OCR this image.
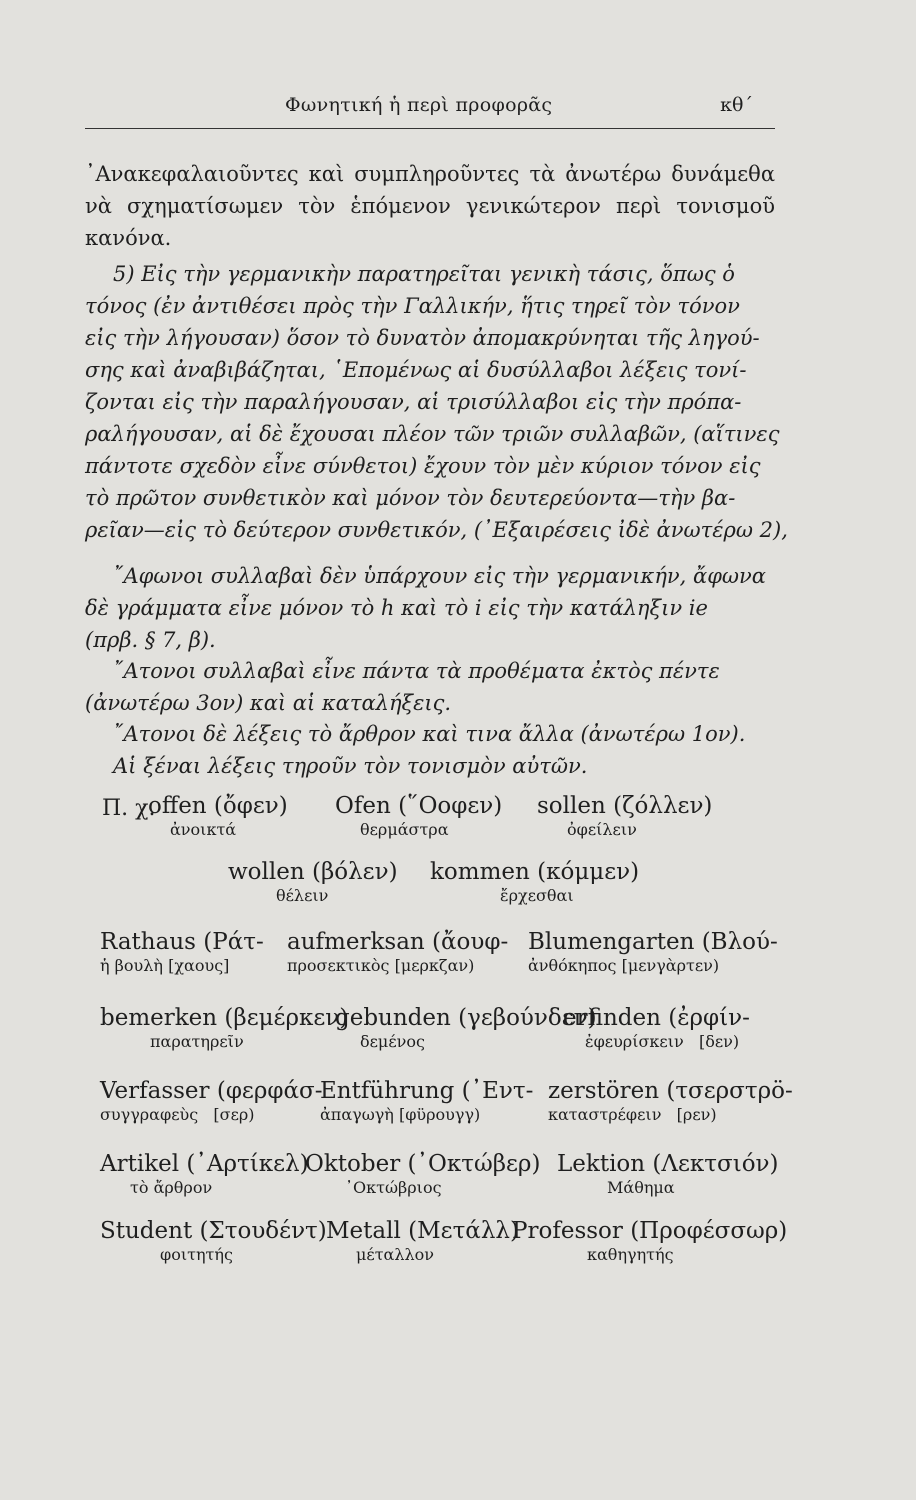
Φωνητική ἡ περὶ προφορᾶς	κθ΄
᾿Ανακεφαλαιοῦντες καὶ συμπληροῦντες τὰ ἀνωτέρω δυνάμεθα
νὰ σχηματίσωμεν τὸν ἑπόμενον γενικώτερον περὶ τονισμοῦ
κανόνα.
5) Εἰς τὴν γερμανικὴν παρατηρεῖται γενικὴ τάσις, ὅπως ὁ
τόνος (ἐν ἀντιθέσει πρὸς τὴν Γαλλικήν, ἥτις τηρεῖ τὸν τόνον
εἰς τὴν λήγουσαν) ὅσον τὸ δυνατὸν ἀπομακρύνηται τῆς ληγού-
σης καὶ ἀναβιβάζηται, ῾Επομένως αἱ δυσύλλαβοι λέξεις τονί-
ζονται εἰς τὴν παραλήγουσαν, αἱ τρισύλλαβοι εἰς τὴν πρόπα-
ραλήγουσαν, αἱ δὲ ἔχουσαι πλέον τῶν τριῶν συλλαβῶν, (αἵτινες
πάντοτε σχεδὸν εἶνε σύνθετοι) ἔχουν τὸν μὲν κύριον τόνον εἰς
τὸ πρῶτον συνθετικὸν καὶ μόνον τὸν δευτερεύοντα—τὴν βα-
ρεῖαν—εἰς τὸ δεύτερον συνθετικόν, (᾿Εξαιρέσεις ἰδὲ ἀνωτέρω 2),
῎Αφωνοι συλλαβαὶ δὲν ὑπάρχουν εἰς τὴν γερμανικήν, ἄφωνα
δὲ γράμματα εἶνε μόνον τὸ h καὶ τὸ i εἰς τὴν κατάληξιν ie
(πρβ. § 7, β).
῎Ατονοι συλλαβαὶ εἶνε πάντα τὰ προθέματα ἐκτὸς πέντε
(ἀνωτέρω 3ον) καὶ αἱ καταλήξεις.
῎Ατονοι δὲ λέξεις τὸ ἄρθρον καὶ τινα ἄλλα (ἀνωτέρω 1ον).
Αἱ ξέναι λέξεις τηροῦν τὸν τονισμὸν αὐτῶν.
Π. χ.
offen (ὄφεν)
ἀνοικτά
Ofen (῞Οοφεν)
θερμάστρα
sollen (ζόλλεν)
ὀφείλειν
wollen (βόλεν)
θέλειν
kommen (κόμμεν)
ἔρχεσθαι
Rathaus (Ράτ-
ἡ βουλὴ [χαους]
aufmerksan (ἄουφ-
προσεκτικὸς [μερκζαν)
Blumengarten (Βλού-
ἀνθόκηπος [μενγὰρτεν)
bemerken (βεμέρκεν)
παρατηρεῖν
gebunden (γεβούνδεν)
δεμένος
erfinden (ἐρφίν-
ἐφευρίσκειν   [δεν)
Verfasser (φερφάσ-
συγγραφεὺς   [σερ)
Entführung (᾿Εντ-
ἀπαγωγὴ [φϋρουγγ)
zerstören (τσερστρö-
καταστρέφειν   [ρεν)
Artikel (᾿Αρτίκελ)
τὸ ἄρθρον
Oktober (᾿Οκτώβερ)
᾿Οκτώβριος
Lektion (Λεκτσιόν)
Μάθημα
Student (Στουδέντ)
φοιτητής
Metall (Μετάλλ)
μέταλλον
Professor (Προφέσσωρ)
καθηγητής
